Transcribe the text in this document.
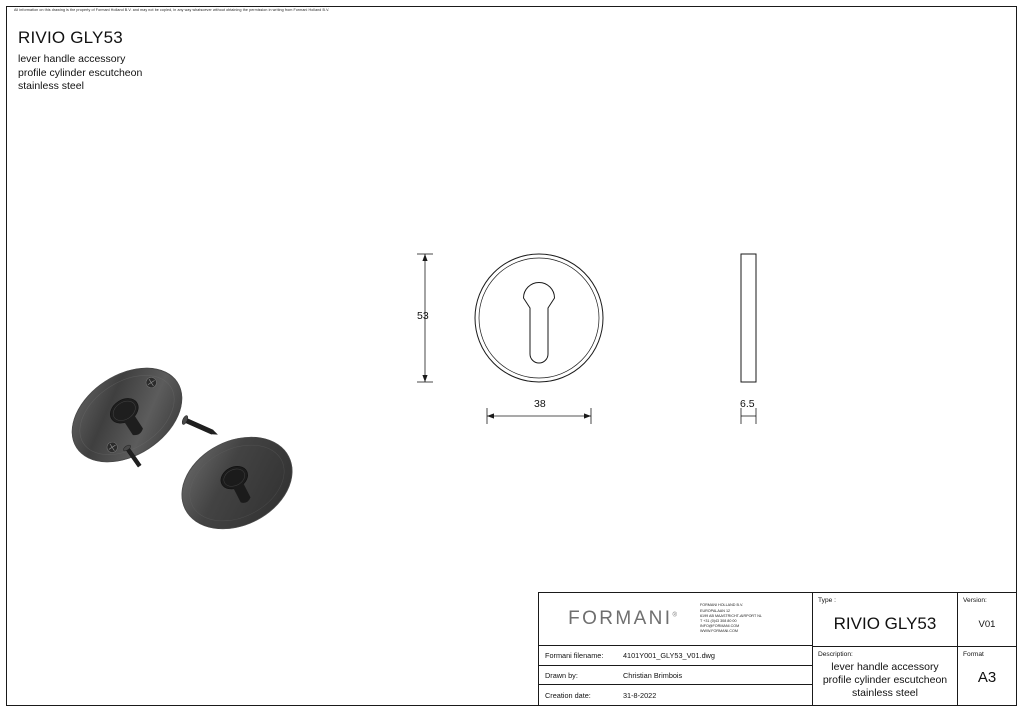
All information on this drawing is the property of Formani Holland B.V. and may not be copied, in any way whatsoever without obtaining the permission in writing from Formani Holland B.V.
RIVIO GLY53
lever handle accessory
profile cylinder escutcheon
stainless steel
53
38	6.5
FORMANI®
FORMANI HOLLAND B.V.
EUROPALAAN 12
6199 AB MAASTRICHT-AIRPORT NL
T +31 (0)43 308 80 00
INFO@FORMANI.COM
WWW.FORMANI.COM
Formani filename:	4101Y001_GLY53_V01.dwg
Drawn by:	Christian Brimbois
Creation date:	31-8-2022
Type :
RIVIO GLY53
Version:
V01
Description:
lever handle accessory
profile cylinder escutcheon
stainless steel
Format
A3
